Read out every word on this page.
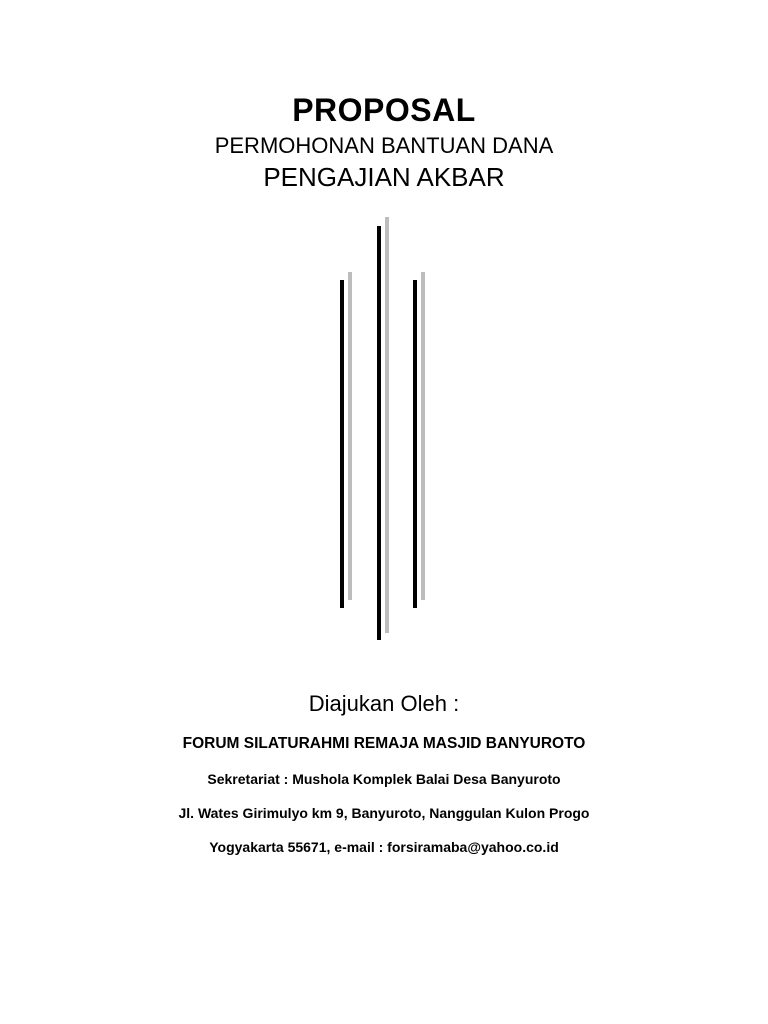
PROPOSAL
PERMOHONAN BANTUAN DANA
PENGAJIAN AKBAR
Diajukan Oleh :
FORUM SILATURAHMI REMAJA MASJID BANYUROTO
Sekretariat : Mushola Komplek Balai Desa Banyuroto
Jl. Wates Girimulyo km 9, Banyuroto, Nanggulan Kulon Progo
Yogyakarta 55671, e-mail : forsiramaba@yahoo.co.id
